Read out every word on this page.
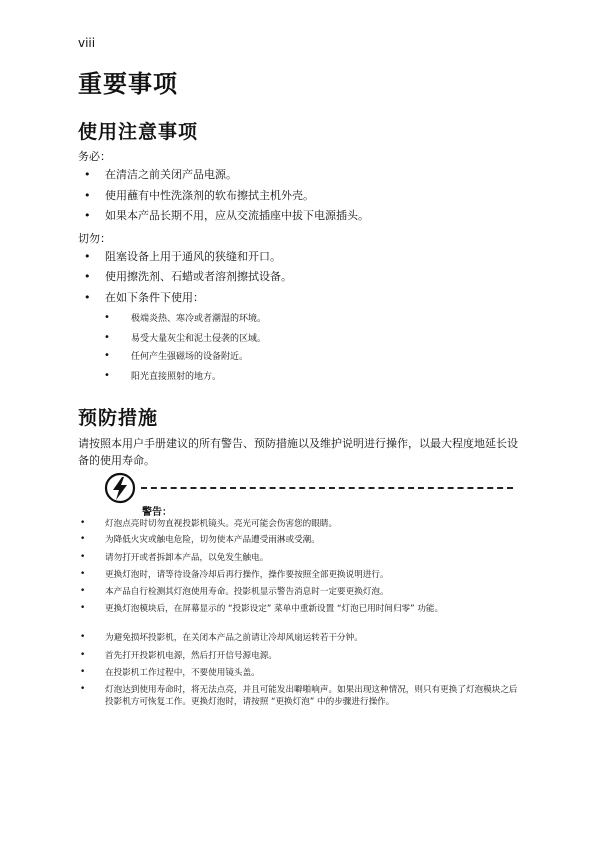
viii
重要事项
使用注意事项
务必：
• 在清洁之前关闭产品电源。
• 使用蘸有中性洗涤剂的软布擦拭主机外壳。
• 如果本产品长期不用，应从交流插座中拔下电源插头。
切勿：
• 阻塞设备上用于通风的狭缝和开口。
• 使用擦洗剂、石蜡或者溶剂擦拭设备。
• 在如下条件下使用：
• 极端炎热、寒冷或者潮湿的环境。
• 易受大量灰尘和泥土侵袭的区域。
• 任何产生强磁场的设备附近。
• 阳光直接照射的地方。
预防措施
请按照本用户手册建议的所有警告、预防措施以及维护说明进行操作，以最大程度地延长设备的使用寿命。
警告：
• 灯泡点亮时切勿直视投影机镜头。亮光可能会伤害您的眼睛。
• 为降低火灾或触电危险，切勿使本产品遭受雨淋或受潮。
• 请勿打开或者拆卸本产品，以免发生触电。
• 更换灯泡时，请等待设备冷却后再行操作，操作要按照全部更换说明进行。
• 本产品自行检测其灯泡使用寿命。投影机显示警告消息时一定要更换灯泡。
• 更换灯泡模块后，在屏幕显示的 “投影设定” 菜单中重新设置 “灯泡已用时间归零” 功能。
• 为避免损坏投影机，在关闭本产品之前请让冷却风扇运转若干分钟。
• 首先打开投影机电源，然后打开信号源电源。
• 在投影机工作过程中，不要使用镜头盖。
• 灯泡达到使用寿命时，将无法点亮，并且可能发出噼啪响声。如果出现这种情况，则只有更换了灯泡模块之后投影机方可恢复工作。更换灯泡时，请按照 “更换灯泡” 中的步骤进行操作。
